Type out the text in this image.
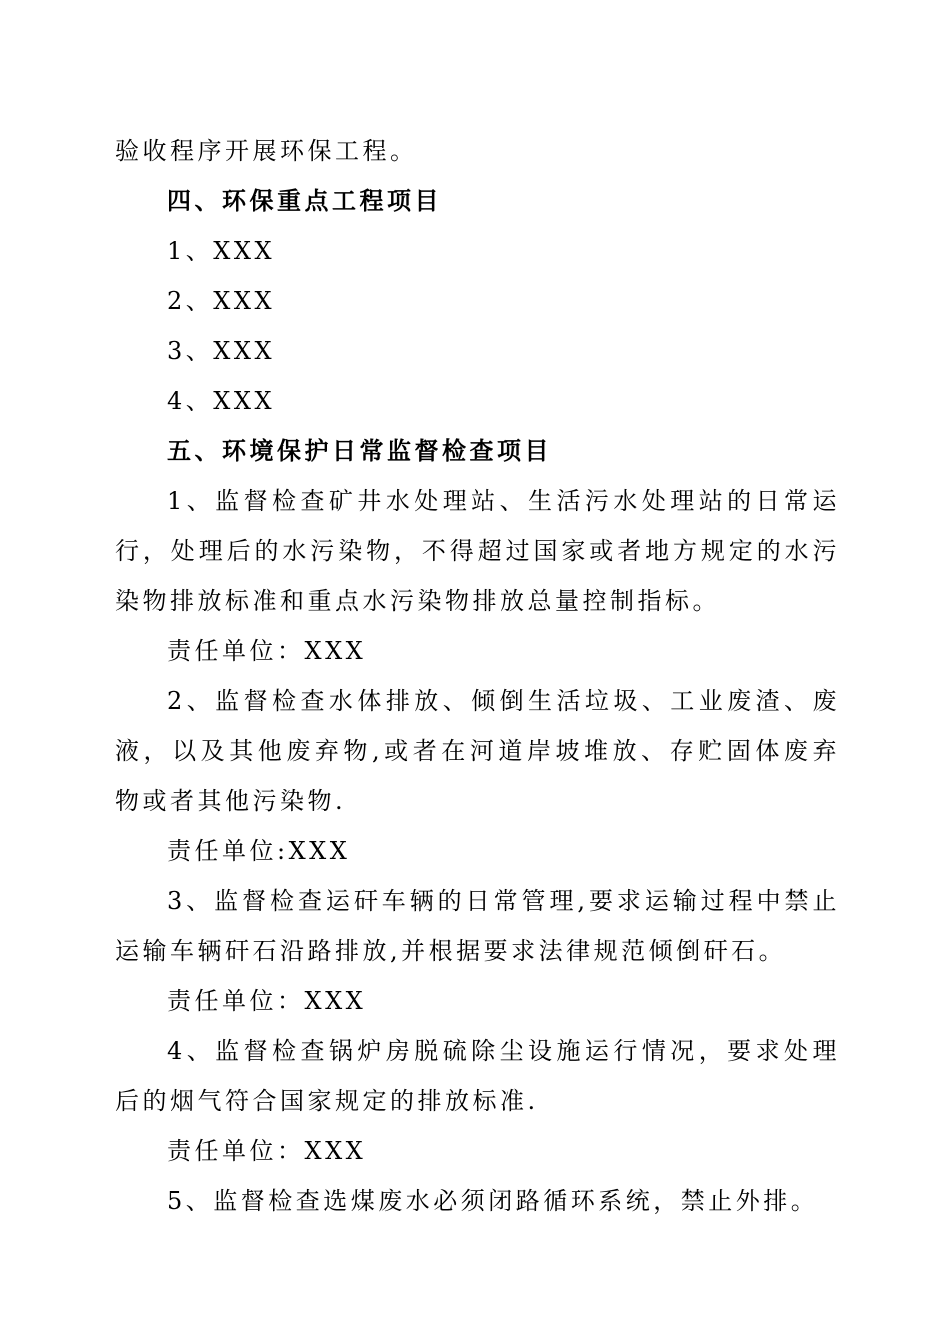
验收程序开展环保工程。
四、环保重点工程项目
1、XXX
2、XXX
3、XXX
4、XXX
五、环境保护日常监督检查项目
1、监督检查矿井水处理站、生活污水处理站的日常运行，处理后的水污染物，不得超过国家或者地方规定的水污染物排放标准和重点水污染物排放总量控制指标。
责任单位：XXX
2、监督检查水体排放、倾倒生活垃圾、工业废渣、废液，以及其他废弃物,或者在河道岸坡堆放、存贮固体废弃物或者其他污染物.
责任单位:XXX
3、监督检查运矸车辆的日常管理,要求运输过程中禁止运输车辆矸石沿路排放,并根据要求法律规范倾倒矸石。
责任单位：XXX
4、监督检查锅炉房脱硫除尘设施运行情况，要求处理后的烟气符合国家规定的排放标准.
责任单位：XXX
5、监督检查选煤废水必须闭路循环系统，禁止外排。
